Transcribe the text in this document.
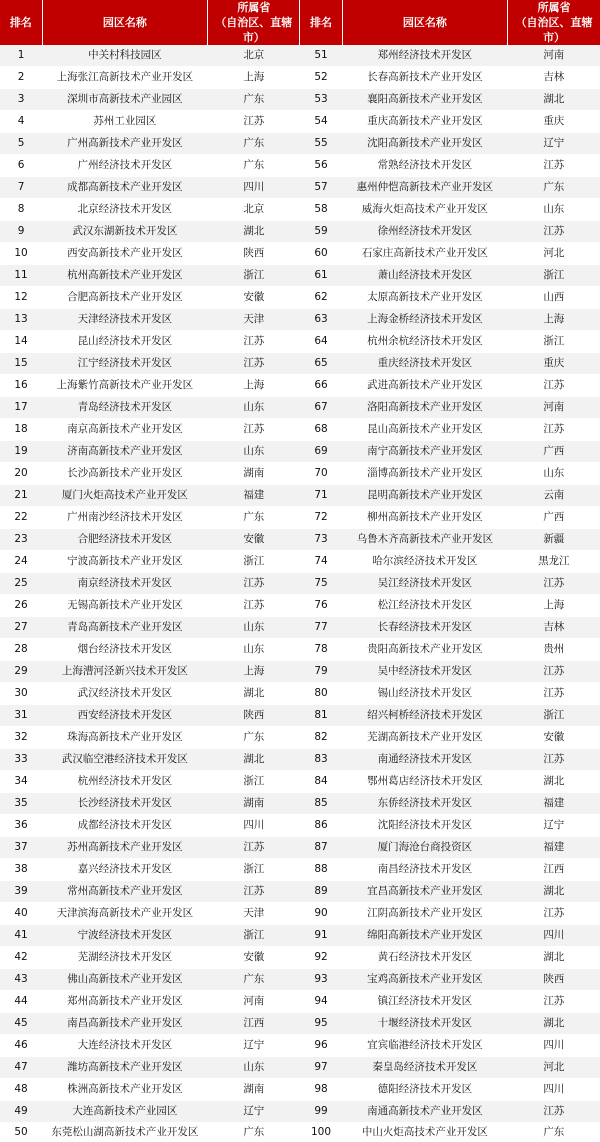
排名	园区名称	所属省
（自治区、直辖市）	排名	园区名称	所属省
（自治区、直辖市）
1	中关村科技园区	北京	51	郑州经济技术开发区	河南
2	上海张江高新技术产业开发区	上海	52	长春高新技术产业开发区	吉林
3	深圳市高新技术产业园区	广东	53	襄阳高新技术产业开发区	湖北
4	苏州工业园区	江苏	54	重庆高新技术产业开发区	重庆
5	广州高新技术产业开发区	广东	55	沈阳高新技术产业开发区	辽宁
6	广州经济技术开发区	广东	56	常熟经济技术开发区	江苏
7	成都高新技术产业开发区	四川	57	惠州仲恺高新技术产业开发区	广东
8	北京经济技术开发区	北京	58	威海火炬高技术产业开发区	山东
9	武汉东湖新技术开发区	湖北	59	徐州经济技术开发区	江苏
10	西安高新技术产业开发区	陕西	60	石家庄高新技术产业开发区	河北
11	杭州高新技术产业开发区	浙江	61	萧山经济技术开发区	浙江
12	合肥高新技术产业开发区	安徽	62	太原高新技术产业开发区	山西
13	天津经济技术开发区	天津	63	上海金桥经济技术开发区	上海
14	昆山经济技术开发区	江苏	64	杭州余杭经济技术开发区	浙江
15	江宁经济技术开发区	江苏	65	重庆经济技术开发区	重庆
16	上海紫竹高新技术产业开发区	上海	66	武进高新技术产业开发区	江苏
17	青岛经济技术开发区	山东	67	洛阳高新技术产业开发区	河南
18	南京高新技术产业开发区	江苏	68	昆山高新技术产业开发区	江苏
19	济南高新技术产业开发区	山东	69	南宁高新技术产业开发区	广西
20	长沙高新技术产业开发区	湖南	70	淄博高新技术产业开发区	山东
21	厦门火炬高技术产业开发区	福建	71	昆明高新技术产业开发区	云南
22	广州南沙经济技术开发区	广东	72	柳州高新技术产业开发区	广西
23	合肥经济技术开发区	安徽	73	乌鲁木齐高新技术产业开发区	新疆
24	宁波高新技术产业开发区	浙江	74	哈尔滨经济技术开发区	黑龙江
25	南京经济技术开发区	江苏	75	吴江经济技术开发区	江苏
26	无锡高新技术产业开发区	江苏	76	松江经济技术开发区	上海
27	青岛高新技术产业开发区	山东	77	长春经济技术开发区	吉林
28	烟台经济技术开发区	山东	78	贵阳高新技术产业开发区	贵州
29	上海漕河泾新兴技术开发区	上海	79	吴中经济技术开发区	江苏
30	武汉经济技术开发区	湖北	80	锡山经济技术开发区	江苏
31	西安经济技术开发区	陕西	81	绍兴柯桥经济技术开发区	浙江
32	珠海高新技术产业开发区	广东	82	芜湖高新技术产业开发区	安徽
33	武汉临空港经济技术开发区	湖北	83	南通经济技术开发区	江苏
34	杭州经济技术开发区	浙江	84	鄂州葛店经济技术开发区	湖北
35	长沙经济技术开发区	湖南	85	东侨经济技术开发区	福建
36	成都经济技术开发区	四川	86	沈阳经济技术开发区	辽宁
37	苏州高新技术产业开发区	江苏	87	厦门海沧台商投资区	福建
38	嘉兴经济技术开发区	浙江	88	南昌经济技术开发区	江西
39	常州高新技术产业开发区	江苏	89	宜昌高新技术产业开发区	湖北
40	天津滨海高新技术产业开发区	天津	90	江阴高新技术产业开发区	江苏
41	宁波经济技术开发区	浙江	91	绵阳高新技术产业开发区	四川
42	芜湖经济技术开发区	安徽	92	黄石经济技术开发区	湖北
43	佛山高新技术产业开发区	广东	93	宝鸡高新技术产业开发区	陕西
44	郑州高新技术产业开发区	河南	94	镇江经济技术开发区	江苏
45	南昌高新技术产业开发区	江西	95	十堰经济技术开发区	湖北
46	大连经济技术开发区	辽宁	96	宜宾临港经济技术开发区	四川
47	潍坊高新技术产业开发区	山东	97	秦皇岛经济技术开发区	河北
48	株洲高新技术产业开发区	湖南	98	德阳经济技术开发区	四川
49	大连高新技术产业园区	辽宁	99	南通高新技术产业开发区	江苏
50	东莞松山湖高新技术产业开发区	广东	100	中山火炬高技术产业开发区	广东
